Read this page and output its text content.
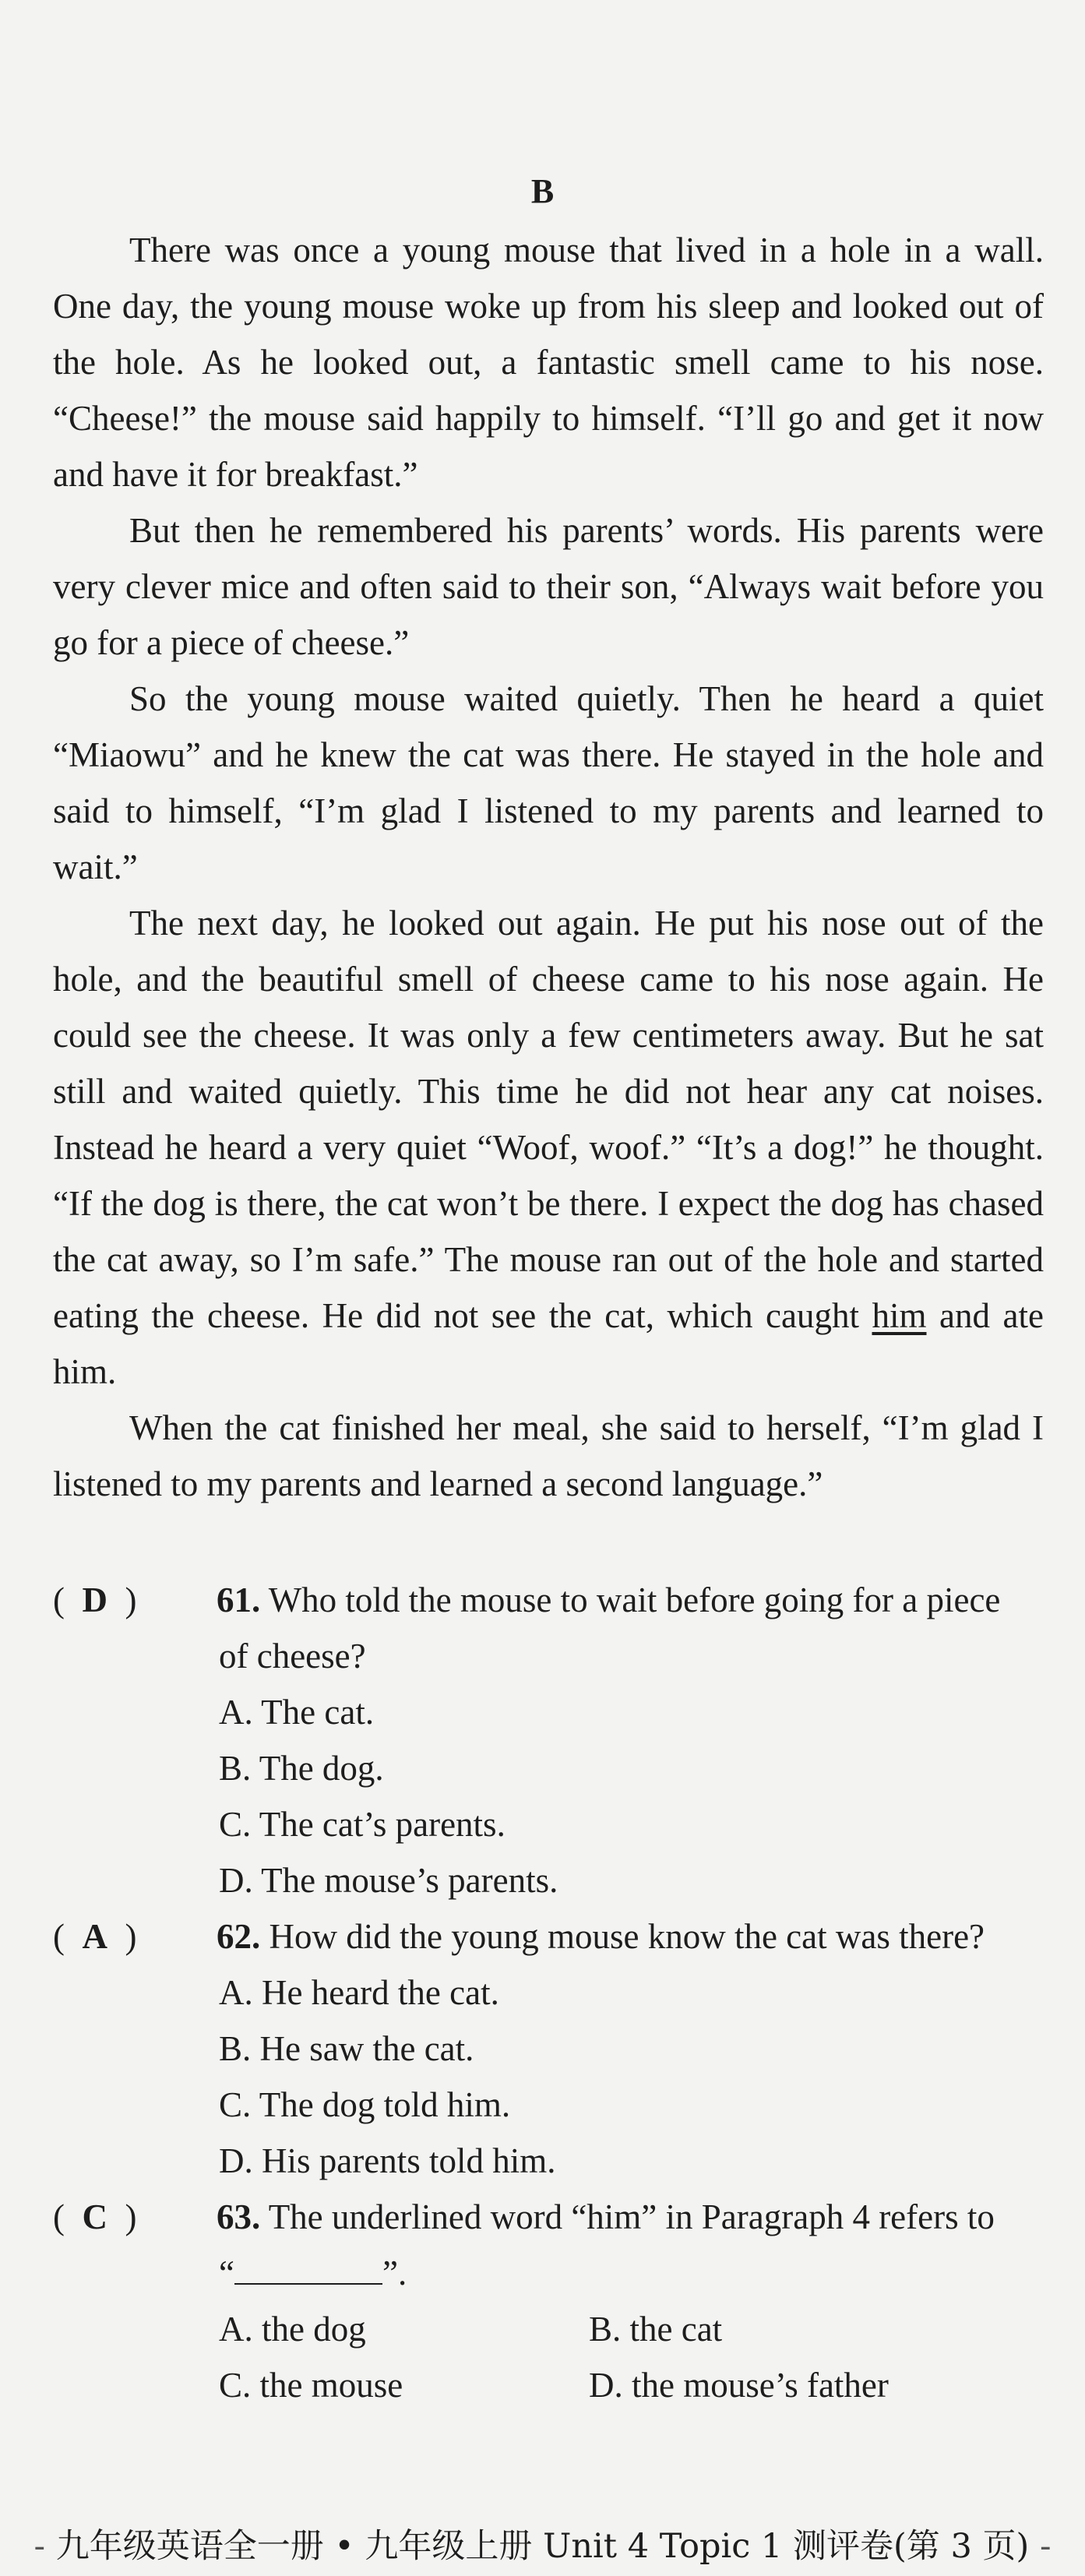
B

There was once a young mouse that lived in a hole in a wall. One day, the young mouse woke up from his sleep and looked out of the hole. As he looked out, a fantastic smell came to his nose. “Cheese!” the mouse said happily to himself. “I’ll go and get it now and have it for breakfast.”

But then he remembered his parents’ words. His parents were very clever mice and often said to their son, “Always wait before you go for a piece of cheese.”

So the young mouse waited quietly. Then he heard a quiet “Miaowu” and he knew the cat was there. He stayed in the hole and said to himself, “I’m glad I listened to my parents and learned to wait.”

The next day, he looked out again. He put his nose out of the hole, and the beautiful smell of cheese came to his nose again. He could see the cheese. It was only a few centimeters away. But he sat still and waited quietly. This time he did not hear any cat noises. Instead he heard a very quiet “Woof, woof.” “It’s a dog!” he thought. “If the dog is there, the cat won’t be there. I expect the dog has chased the cat away, so I’m safe.” The mouse ran out of the hole and started eating the cheese. He did not see the cat, which caught him and ate him.

When the cat finished her meal, she said to herself, “I’m glad I listened to my parents and learned a second language.”

(  D  )	61. Who told the mouse to wait before going for a piece
of cheese?
A. The cat.
B. The dog.
C. The cat’s parents.
D. The mouse’s parents.
(  A  )	62. How did the young mouse know the cat was there?
A. He heard the cat.
B. He saw the cat.
C. The dog told him.
D. His parents told him.
(  C  )	63. The underlined word “him” in Paragraph 4 refers to
“	”.
A. the dog	B. the cat
C. the mouse	D. the mouse’s father
- 九年级英语全一册 • 九年级上册 Unit 4 Topic 1 测评卷(第 3 页) -
